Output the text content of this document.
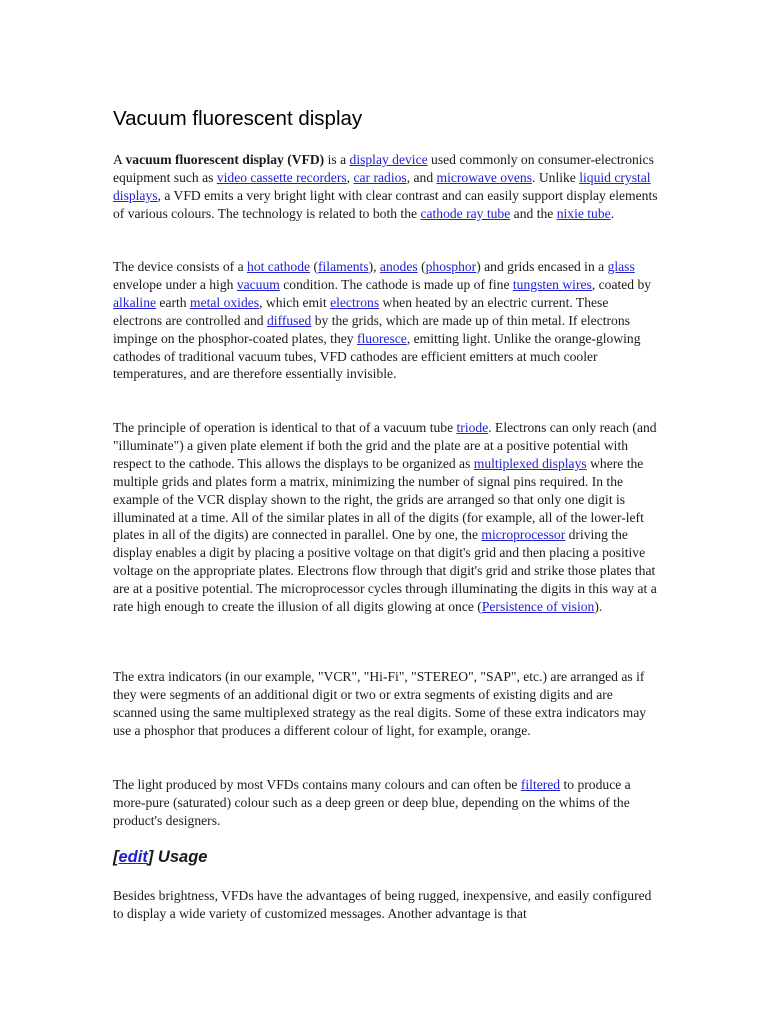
Vacuum fluorescent display

A vacuum fluorescent display (VFD) is a display device used commonly on consumer-electronics equipment such as video cassette recorders, car radios, and microwave ovens. Unlike liquid crystal displays, a VFD emits a very bright light with clear contrast and can easily support display elements of various colours. The technology is related to both the cathode ray tube and the nixie tube.

The device consists of a hot cathode (filaments), anodes (phosphor) and grids encased in a glass envelope under a high vacuum condition. The cathode is made up of fine tungsten wires, coated by alkaline earth metal oxides, which emit electrons when heated by an electric current. These electrons are controlled and diffused by the grids, which are made up of thin metal. If electrons impinge on the phosphor-coated plates, they fluoresce, emitting light. Unlike the orange-glowing cathodes of traditional vacuum tubes, VFD cathodes are efficient emitters at much cooler temperatures, and are therefore essentially invisible.

The principle of operation is identical to that of a vacuum tube triode. Electrons can only reach (and "illuminate") a given plate element if both the grid and the plate are at a positive potential with respect to the cathode. This allows the displays to be organized as multiplexed displays where the multiple grids and plates form a matrix, minimizing the number of signal pins required. In the example of the VCR display shown to the right, the grids are arranged so that only one digit is illuminated at a time. All of the similar plates in all of the digits (for example, all of the lower-left plates in all of the digits) are connected in parallel. One by one, the microprocessor driving the display enables a digit by placing a positive voltage on that digit's grid and then placing a positive voltage on the appropriate plates. Electrons flow through that digit's grid and strike those plates that are at a positive potential. The microprocessor cycles through illuminating the digits in this way at a rate high enough to create the illusion of all digits glowing at once (Persistence of vision).

The extra indicators (in our example, "VCR", "Hi-Fi", "STEREO", "SAP", etc.) are arranged as if they were segments of an additional digit or two or extra segments of existing digits and are scanned using the same multiplexed strategy as the real digits. Some of these extra indicators may use a phosphor that produces a different colour of light, for example, orange.

The light produced by most VFDs contains many colours and can often be filtered to produce a more-pure (saturated) colour such as a deep green or deep blue, depending on the whims of the product's designers.

[edit] Usage

Besides brightness, VFDs have the advantages of being rugged, inexpensive, and easily configured to display a wide variety of customized messages. Another advantage is that
